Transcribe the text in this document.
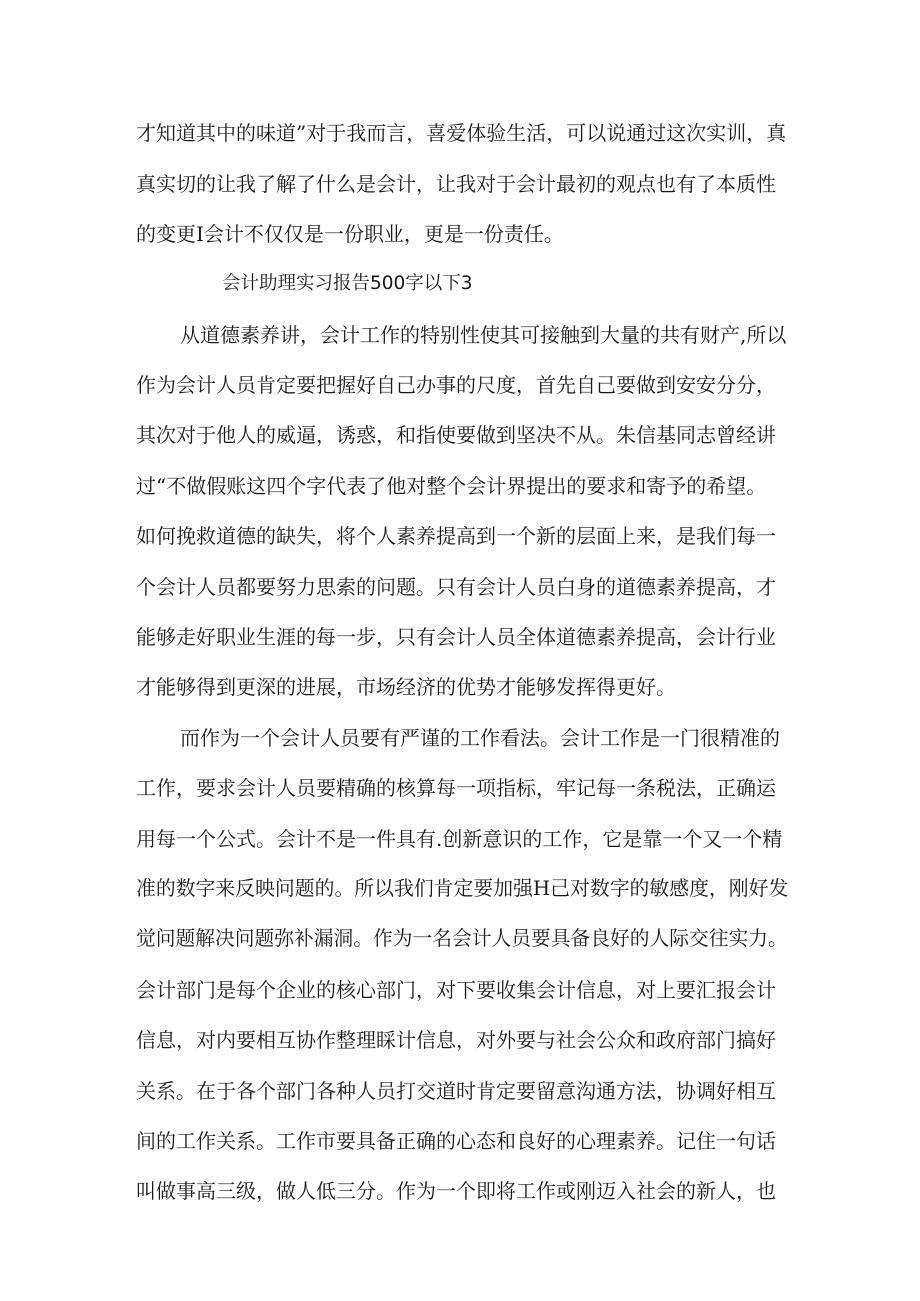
才知道其中的味道”对于我而言，喜爱体验生活，可以说通过这次实训，真

真实切的让我了解了什么是会计，让我对于会计最初的观点也有了本质性

的变更I会计不仅仅是一份职业，更是一份责任。

会计助理实习报告500字以下3

从道德素养讲，会计工作的特别性使其可接触到大量的共有财产,所以

作为会计人员肯定要把握好自己办事的尺度，首先自己要做到安安分分，

其次对于他人的威逼，诱惑，和指使要做到坚决不从。朱信基同志曾经讲

过“不做假账这四个字代表了他对整个会计界提出的要求和寄予的希望。

如何挽救道德的缺失，将个人素养提高到一个新的层面上来，是我们每一

个会计人员都要努力思索的问题。只有会计人员白身的道德素养提高，才

能够走好职业生涯的每一步，只有会计人员全体道德素养提高，会计行业

才能够得到更深的进展，市场经济的优势才能够发挥得更好。

而作为一个会计人员要有严谨的工作看法。会计工作是一门很精准的

工作，要求会计人员要精确的核算每一项指标，牢记每一条税法，正确运

用每一个公式。会计不是一件具有.创新意识的工作，它是靠一个又一个精

准的数字来反映问题的。所以我们肯定要加强H己对数字的敏感度，刚好发

觉问题解决问题弥补漏洞。作为一名会计人员要具备良好的人际交往实力。

会计部门是每个企业的核心部门，对下要收集会计信息，对上要汇报会计

信息，对内要相互协作整理睬计信息，对外要与社会公众和政府部门搞好

关系。在于各个部门各种人员打交道时肯定要留意沟通方法，协调好相互

间的工作关系。工作市要具备正确的心态和良好的心理素养。记住一句话

叫做事高三级，做人低三分。作为一个即将工作或刚迈入社会的新人，也
